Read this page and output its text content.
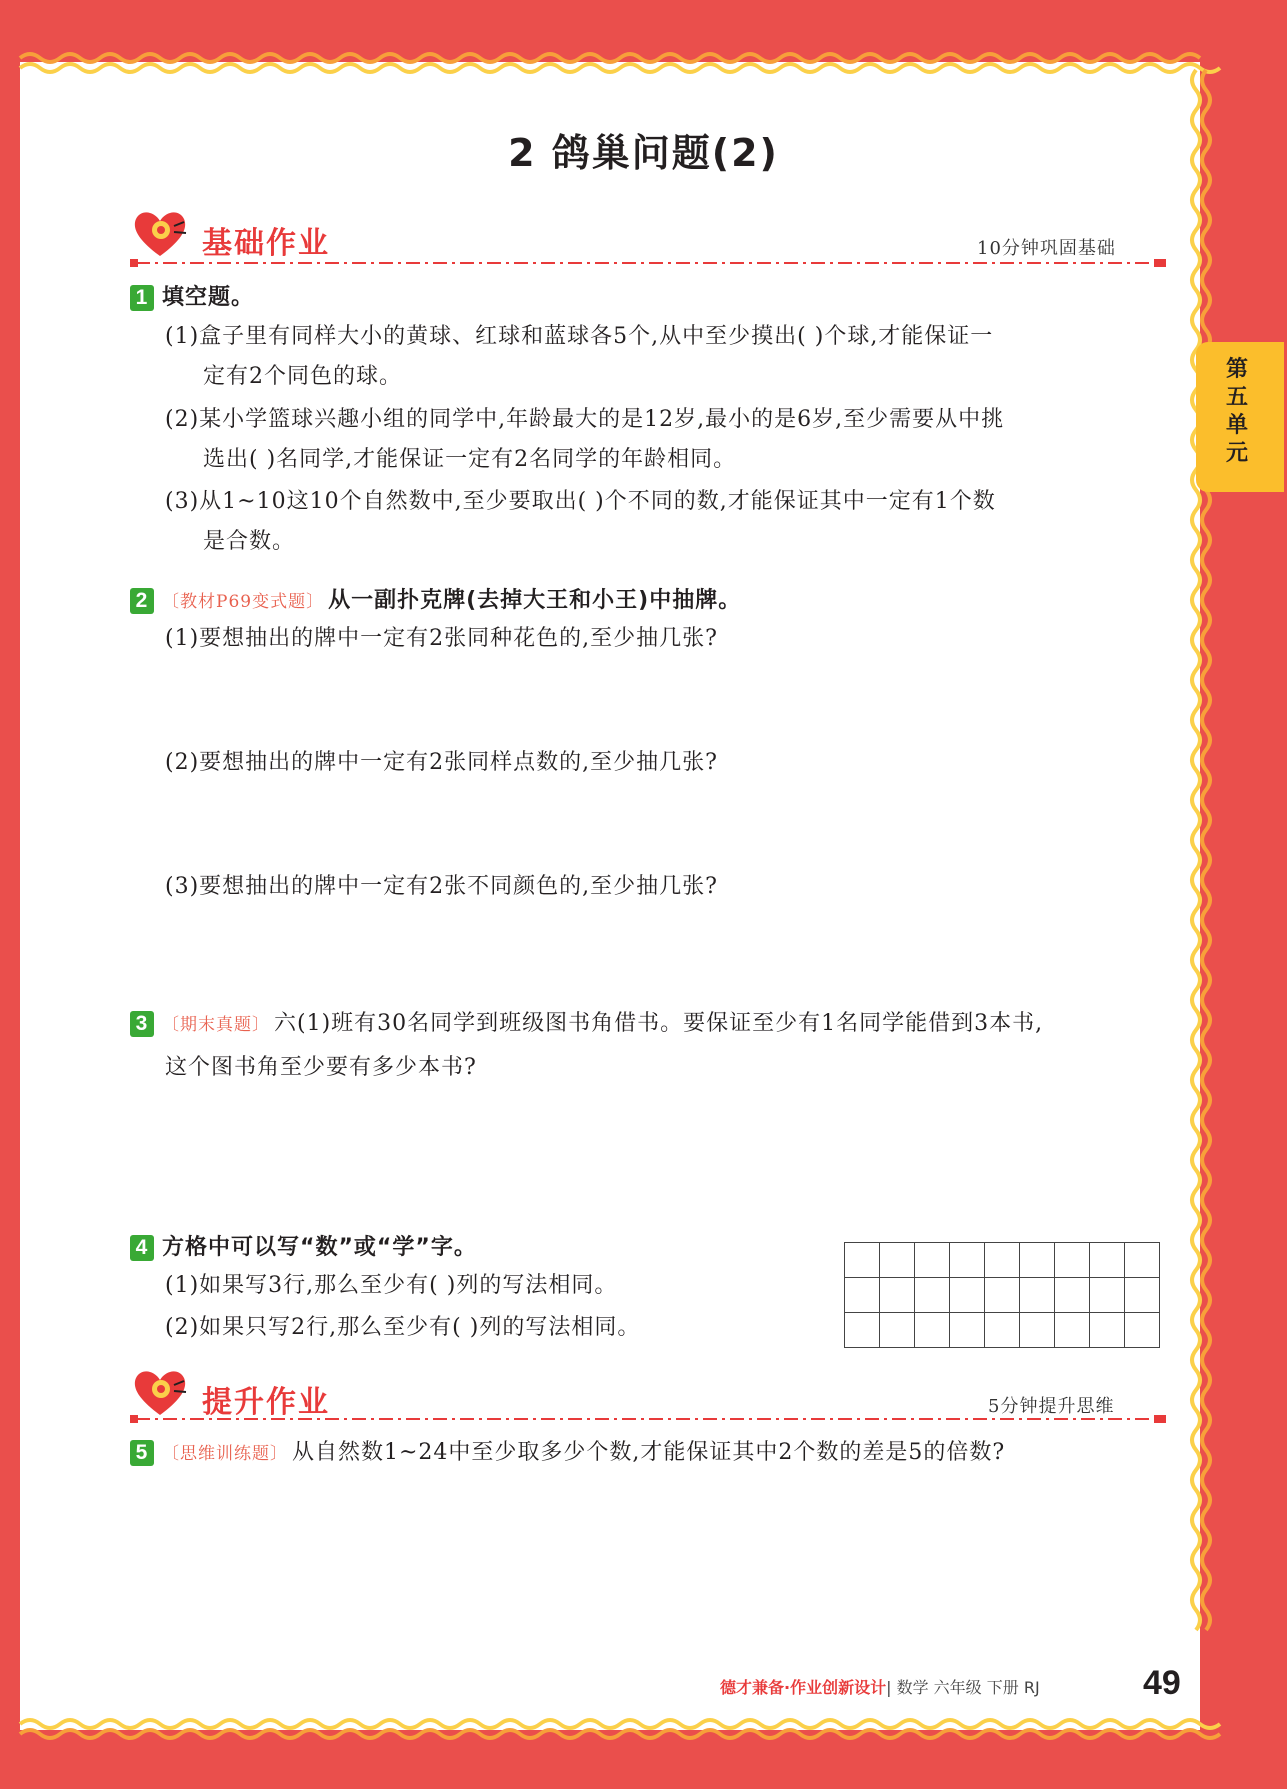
第五单元
2 鸽巢问题(2)
基础作业	10分钟巩固基础
1 填空题。
(1)盒子里有同样大小的黄球、红球和蓝球各5个,从中至少摸出( )个球,才能保证一
定有2个同色的球。
(2)某小学篮球兴趣小组的同学中,年龄最大的是12岁,最小的是6岁,至少需要从中挑
选出( )名同学,才能保证一定有2名同学的年龄相同。
(3)从1~10这10个自然数中,至少要取出( )个不同的数,才能保证其中一定有1个数
是合数。
2 〔教材P69变式题〕 从一副扑克牌(去掉大王和小王)中抽牌。
(1)要想抽出的牌中一定有2张同种花色的,至少抽几张?
(2)要想抽出的牌中一定有2张同样点数的,至少抽几张?
(3)要想抽出的牌中一定有2张不同颜色的,至少抽几张?
3 〔期末真题〕 六(1)班有30名同学到班级图书角借书。要保证至少有1名同学能借到3本书,
这个图书角至少要有多少本书?
4 方格中可以写“数”或“学”字。
(1)如果写3行,那么至少有( )列的写法相同。
(2)如果只写2行,那么至少有( )列的写法相同。

提升作业	5分钟提升思维
5 〔思维训练题〕 从自然数1~24中至少取多少个数,才能保证其中2个数的差是5的倍数?
德才兼备·作业创新设计| 数学 六年级 下册 RJ	49
